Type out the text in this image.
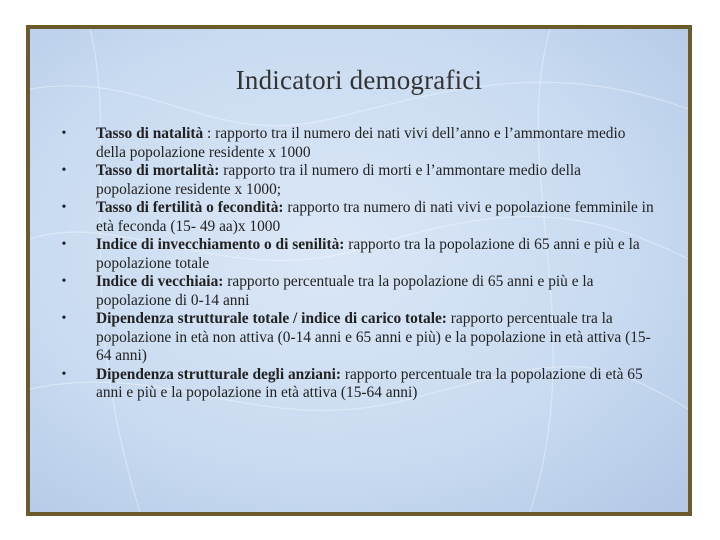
Indicatori demografici
• Tasso di natalità : rapporto tra il numero dei nati vivi dell’anno e l’ammontare medio della popolazione residente x 1000
• Tasso di mortalità: rapporto tra il numero di morti e l’ammontare medio della popolazione residente x 1000;
• Tasso di fertilità o fecondità: rapporto tra numero di nati vivi e popolazione femminile in età feconda (15- 49 aa)x 1000
• Indice di invecchiamento o di senilità: rapporto tra la popolazione di 65 anni e più e la popolazione totale
• Indice di vecchiaia: rapporto percentuale tra la popolazione di 65 anni e più e la popolazione di 0-14 anni
• Dipendenza strutturale totale / indice di carico totale: rapporto percentuale tra la popolazione in età non attiva (0-14 anni e 65 anni e più) e la popolazione in età attiva (15-64 anni)
• Dipendenza strutturale degli anziani: rapporto percentuale tra la popolazione di età 65 anni e più e la popolazione in età attiva (15-64 anni)
